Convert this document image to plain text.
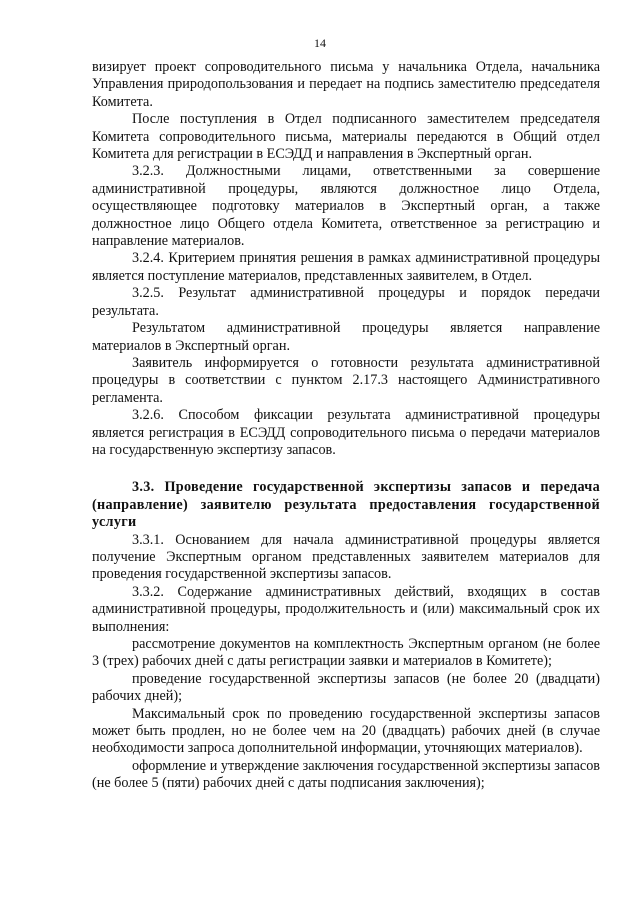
14

визирует проект сопроводительного письма у начальника Отдела, начальника Управления природопользования и передает на подпись заместителю председателя Комитета.

После поступления в Отдел подписанного заместителем председателя Комитета сопроводительного письма, материалы передаются в Общий отдел Комитета для регистрации в ЕСЭДД и направления в Экспертный орган.

3.2.3. Должностными лицами, ответственными за совершение административной процедуры, являются должностное лицо Отдела, осуществляющее подготовку материалов в Экспертный орган, а также должностное лицо Общего отдела Комитета, ответственное за регистрацию и направление материалов.

3.2.4. Критерием принятия решения в рамках административной процедуры является поступление материалов, представленных заявителем, в Отдел.

3.2.5. Результат административной процедуры и порядок передачи результата.

Результатом административной процедуры является направление материалов в Экспертный орган.

Заявитель информируется о готовности результата административной процедуры в соответствии с пунктом 2.17.3 настоящего Административного регламента.

3.2.6. Способом фиксации результата административной процедуры является регистрация в ЕСЭДД сопроводительного письма о передачи материалов на государственную экспертизу запасов.

3.3. Проведение государственной экспертизы запасов и передача (направление) заявителю результата предоставления государственной услуги

3.3.1. Основанием для начала административной процедуры является получение Экспертным органом представленных заявителем материалов для проведения государственной экспертизы запасов.

3.3.2. Содержание административных действий, входящих в состав административной процедуры, продолжительность и (или) максимальный срок их выполнения:

рассмотрение документов на комплектность Экспертным органом (не более 3 (трех) рабочих дней с даты регистрации заявки и материалов в Комитете);

проведение государственной экспертизы запасов (не более 20 (двадцати) рабочих дней);

Максимальный срок по проведению государственной экспертизы запасов может быть продлен, но не более чем на 20 (двадцать) рабочих дней (в случае необходимости запроса дополнительной информации, уточняющих материалов).

оформление и утверждение заключения государственной экспертизы запасов (не более 5 (пяти) рабочих дней с даты подписания заключения);
